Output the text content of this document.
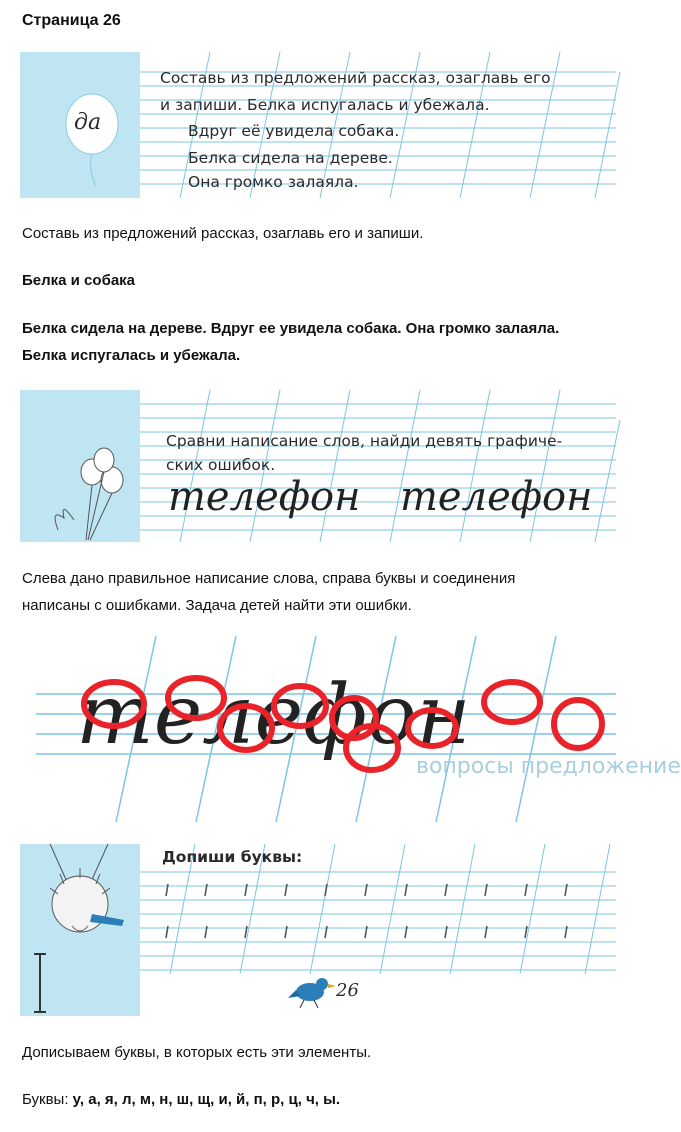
Страница 26

да
Составь из предложений рассказ, озаглавь его
и запиши. Белка испугалась и убежала.
Вдруг её увидела собака.
Белка сидела на дереве.
Она громко залаяла.

Составь из предложений рассказ, озаглавь его и запиши.

Белка и собака

Белка сидела на дереве. Вдруг ее увидела собака. Она громко залаяла.

Белка испугалась и убежала.

Сравни написание слов, найди девять графиче-
ских ошибок.
телефон телефон

Слева дано правильное написание слова, справа буквы и соединения

написаны с ошибками. Задача детей найти эти ошибки.

телефон
вопросы предложение
Допиши буквы:
26

Дописываем буквы, в которых есть эти элементы.

Буквы: у, а, я, л, м, н, ш, щ, и, й, п, р, ц, ч, ы.
